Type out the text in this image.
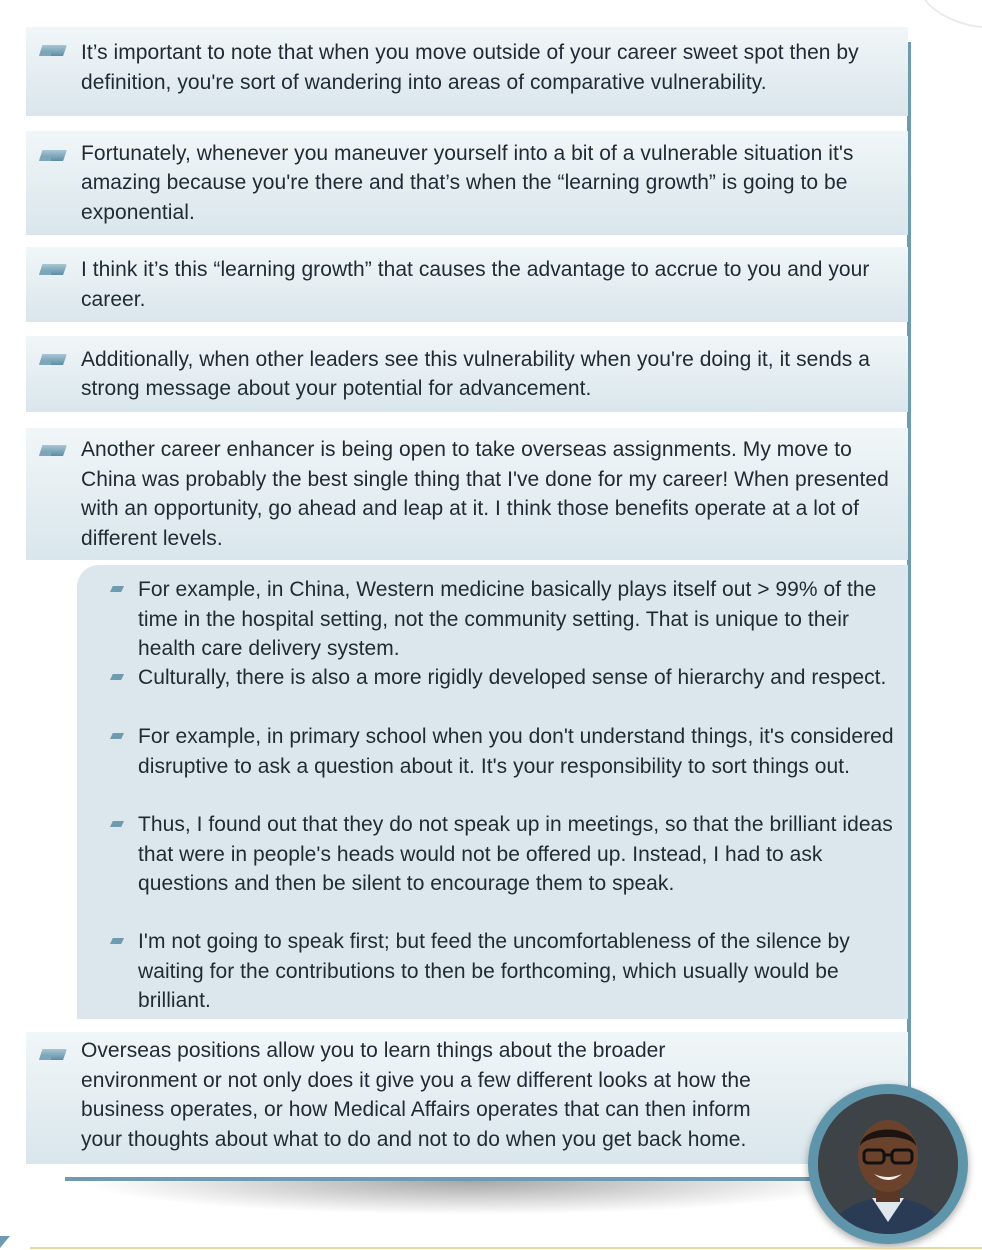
It’s important to note that when you move outside of your career sweet spot then by definition, you're sort of wandering into areas of comparative vulnerability.
Fortunately, whenever you maneuver yourself into a bit of a vulnerable situation it's amazing because you're there and that’s when the “learning growth” is going to be exponential.
I think it’s this “learning growth” that causes the advantage to accrue to you and your career.
Additionally, when other leaders see this vulnerability when you're doing it, it sends a strong message about your potential for advancement.
Another career enhancer is being open to take overseas assignments. My move to China was probably the best single thing that I've done for my career! When presented with an opportunity, go ahead and leap at it. I think those benefits operate at a lot of different levels.
For example, in China, Western medicine basically plays itself out > 99% of the time in the hospital setting, not the community setting. That is unique to their health care delivery system.
Culturally, there is also a more rigidly developed sense of hierarchy and respect.
For example, in primary school when you don't understand things, it's considered disruptive to ask a question about it. It's your responsibility to sort things out.
Thus, I found out that they do not speak up in meetings, so that the brilliant ideas that were in people's heads would not be offered up. Instead, I had to ask questions and then be silent to encourage them to speak.
I'm not going to speak first; but feed the uncomfortableness of the silence by waiting for the contributions to then be forthcoming, which usually would be brilliant.
Overseas positions allow you to learn things about the broader environment or not only does it give you a few different looks at how the business operates, or how Medical Affairs operates that can then inform your thoughts about what to do and not to do when you get back home.
